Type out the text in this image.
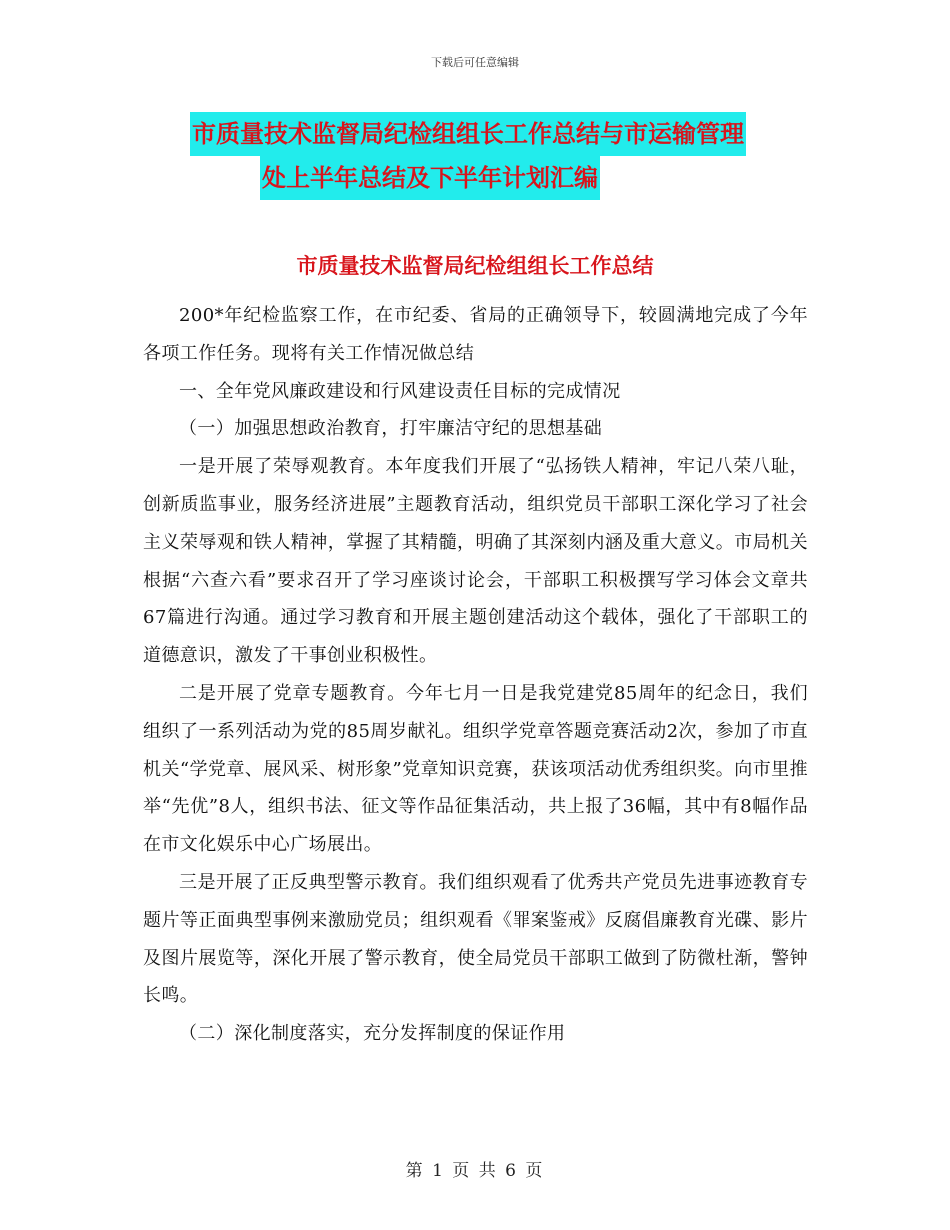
下载后可任意编辑
市质量技术监督局纪检组组长工作总结与市运输管理
处上半年总结及下半年计划汇编
市质量技术监督局纪检组组长工作总结

200*年纪检监察工作，在市纪委、省局的正确领导下，较圆满地完成了今年各项工作任务。现将有关工作情况做总结

一、全年党风廉政建设和行风建设责任目标的完成情况

（一）加强思想政治教育，打牢廉洁守纪的思想基础

一是开展了荣辱观教育。本年度我们开展了“弘扬铁人精神，牢记八荣八耻，创新质监事业，服务经济进展”主题教育活动，组织党员干部职工深化学习了社会主义荣辱观和铁人精神，掌握了其精髓，明确了其深刻内涵及重大意义。市局机关根据“六查六看”要求召开了学习座谈讨论会，干部职工积极撰写学习体会文章共67篇进行沟通。通过学习教育和开展主题创建活动这个载体，强化了干部职工的道德意识，激发了干事创业积极性。

二是开展了党章专题教育。今年七月一日是我党建党85周年的纪念日，我们组织了一系列活动为党的85周岁献礼。组织学党章答题竞赛活动2次，参加了市直机关“学党章、展风采、树形象”党章知识竞赛，获该项活动优秀组织奖。向市里推举“先优”8人，组织书法、征文等作品征集活动，共上报了36幅，其中有8幅作品在市文化娱乐中心广场展出。

三是开展了正反典型警示教育。我们组织观看了优秀共产党员先进事迹教育专题片等正面典型事例来激励党员；组织观看《罪案鉴戒》反腐倡廉教育光碟、影片及图片展览等，深化开展了警示教育，使全局党员干部职工做到了防微杜渐，警钟长鸣。

（二）深化制度落实，充分发挥制度的保证作用

第 1 页 共 6 页
